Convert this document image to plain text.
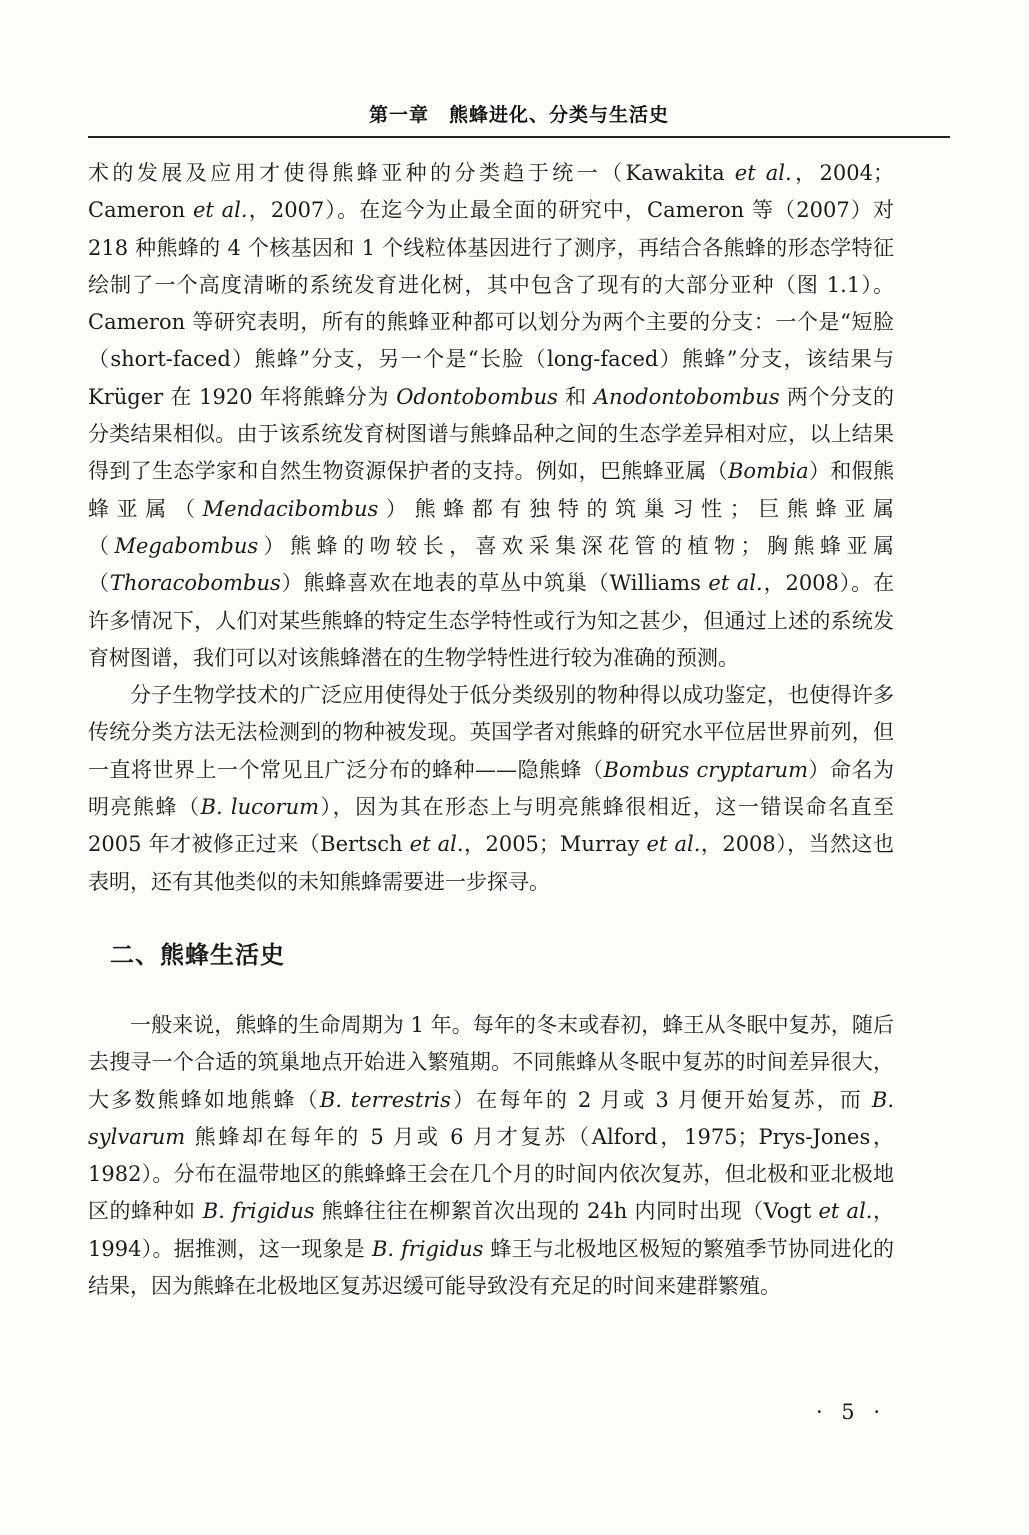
第一章　熊蜂进化、分类与生活史

术的发展及应用才使得熊蜂亚种的分类趋于统一（Kawakita et al.，2004；Cameron et al.，2007）。在迄今为止最全面的研究中，Cameron 等（2007）对 218 种熊蜂的 4 个核基因和 1 个线粒体基因进行了测序，再结合各熊蜂的形态学特征绘制了一个高度清晰的系统发育进化树，其中包含了现有的大部分亚种（图 1.1）。Cameron 等研究表明，所有的熊蜂亚种都可以划分为两个主要的分支：一个是“短脸（short-faced）熊蜂”分支，另一个是“长脸（long-faced）熊蜂”分支，该结果与 Krüger 在 1920 年将熊蜂分为 Odontobombus 和 Anodontobombus 两个分支的分类结果相似。由于该系统发育树图谱与熊蜂品种之间的生态学差异相对应，以上结果得到了生态学家和自然生物资源保护者的支持。例如，巴熊蜂亚属（Bombia）和假熊蜂亚属（Mendacibombus）熊蜂都有独特的筑巢习性；巨熊蜂亚属（Megabombus）熊蜂的吻较长，喜欢采集深花管的植物；胸熊蜂亚属（Thoracobombus）熊蜂喜欢在地表的草丛中筑巢（Williams et al.，2008）。在许多情况下，人们对某些熊蜂的特定生态学特性或行为知之甚少，但通过上述的系统发育树图谱，我们可以对该熊蜂潜在的生物学特性进行较为准确的预测。

分子生物学技术的广泛应用使得处于低分类级别的物种得以成功鉴定，也使得许多传统分类方法无法检测到的物种被发现。英国学者对熊蜂的研究水平位居世界前列，但一直将世界上一个常见且广泛分布的蜂种——隐熊蜂（Bombus cryptarum）命名为明亮熊蜂（B. lucorum），因为其在形态上与明亮熊蜂很相近，这一错误命名直至 2005 年才被修正过来（Bertsch et al.，2005；Murray et al.，2008），当然这也表明，还有其他类似的未知熊蜂需要进一步探寻。

二、熊蜂生活史

一般来说，熊蜂的生命周期为 1 年。每年的冬末或春初，蜂王从冬眠中复苏，随后去搜寻一个合适的筑巢地点开始进入繁殖期。不同熊蜂从冬眠中复苏的时间差异很大，大多数熊蜂如地熊蜂（B. terrestris）在每年的 2 月或 3 月便开始复苏，而 B. sylvarum 熊蜂却在每年的 5 月或 6 月才复苏（Alford，1975；Prys-Jones，1982）。分布在温带地区的熊蜂蜂王会在几个月的时间内依次复苏，但北极和亚北极地区的蜂种如 B. frigidus 熊蜂往往在柳絮首次出现的 24h 内同时出现（Vogt et al.，1994）。据推测，这一现象是 B. frigidus 蜂王与北极地区极短的繁殖季节协同进化的结果，因为熊蜂在北极地区复苏迟缓可能导致没有充足的时间来建群繁殖。

· 5 ·
